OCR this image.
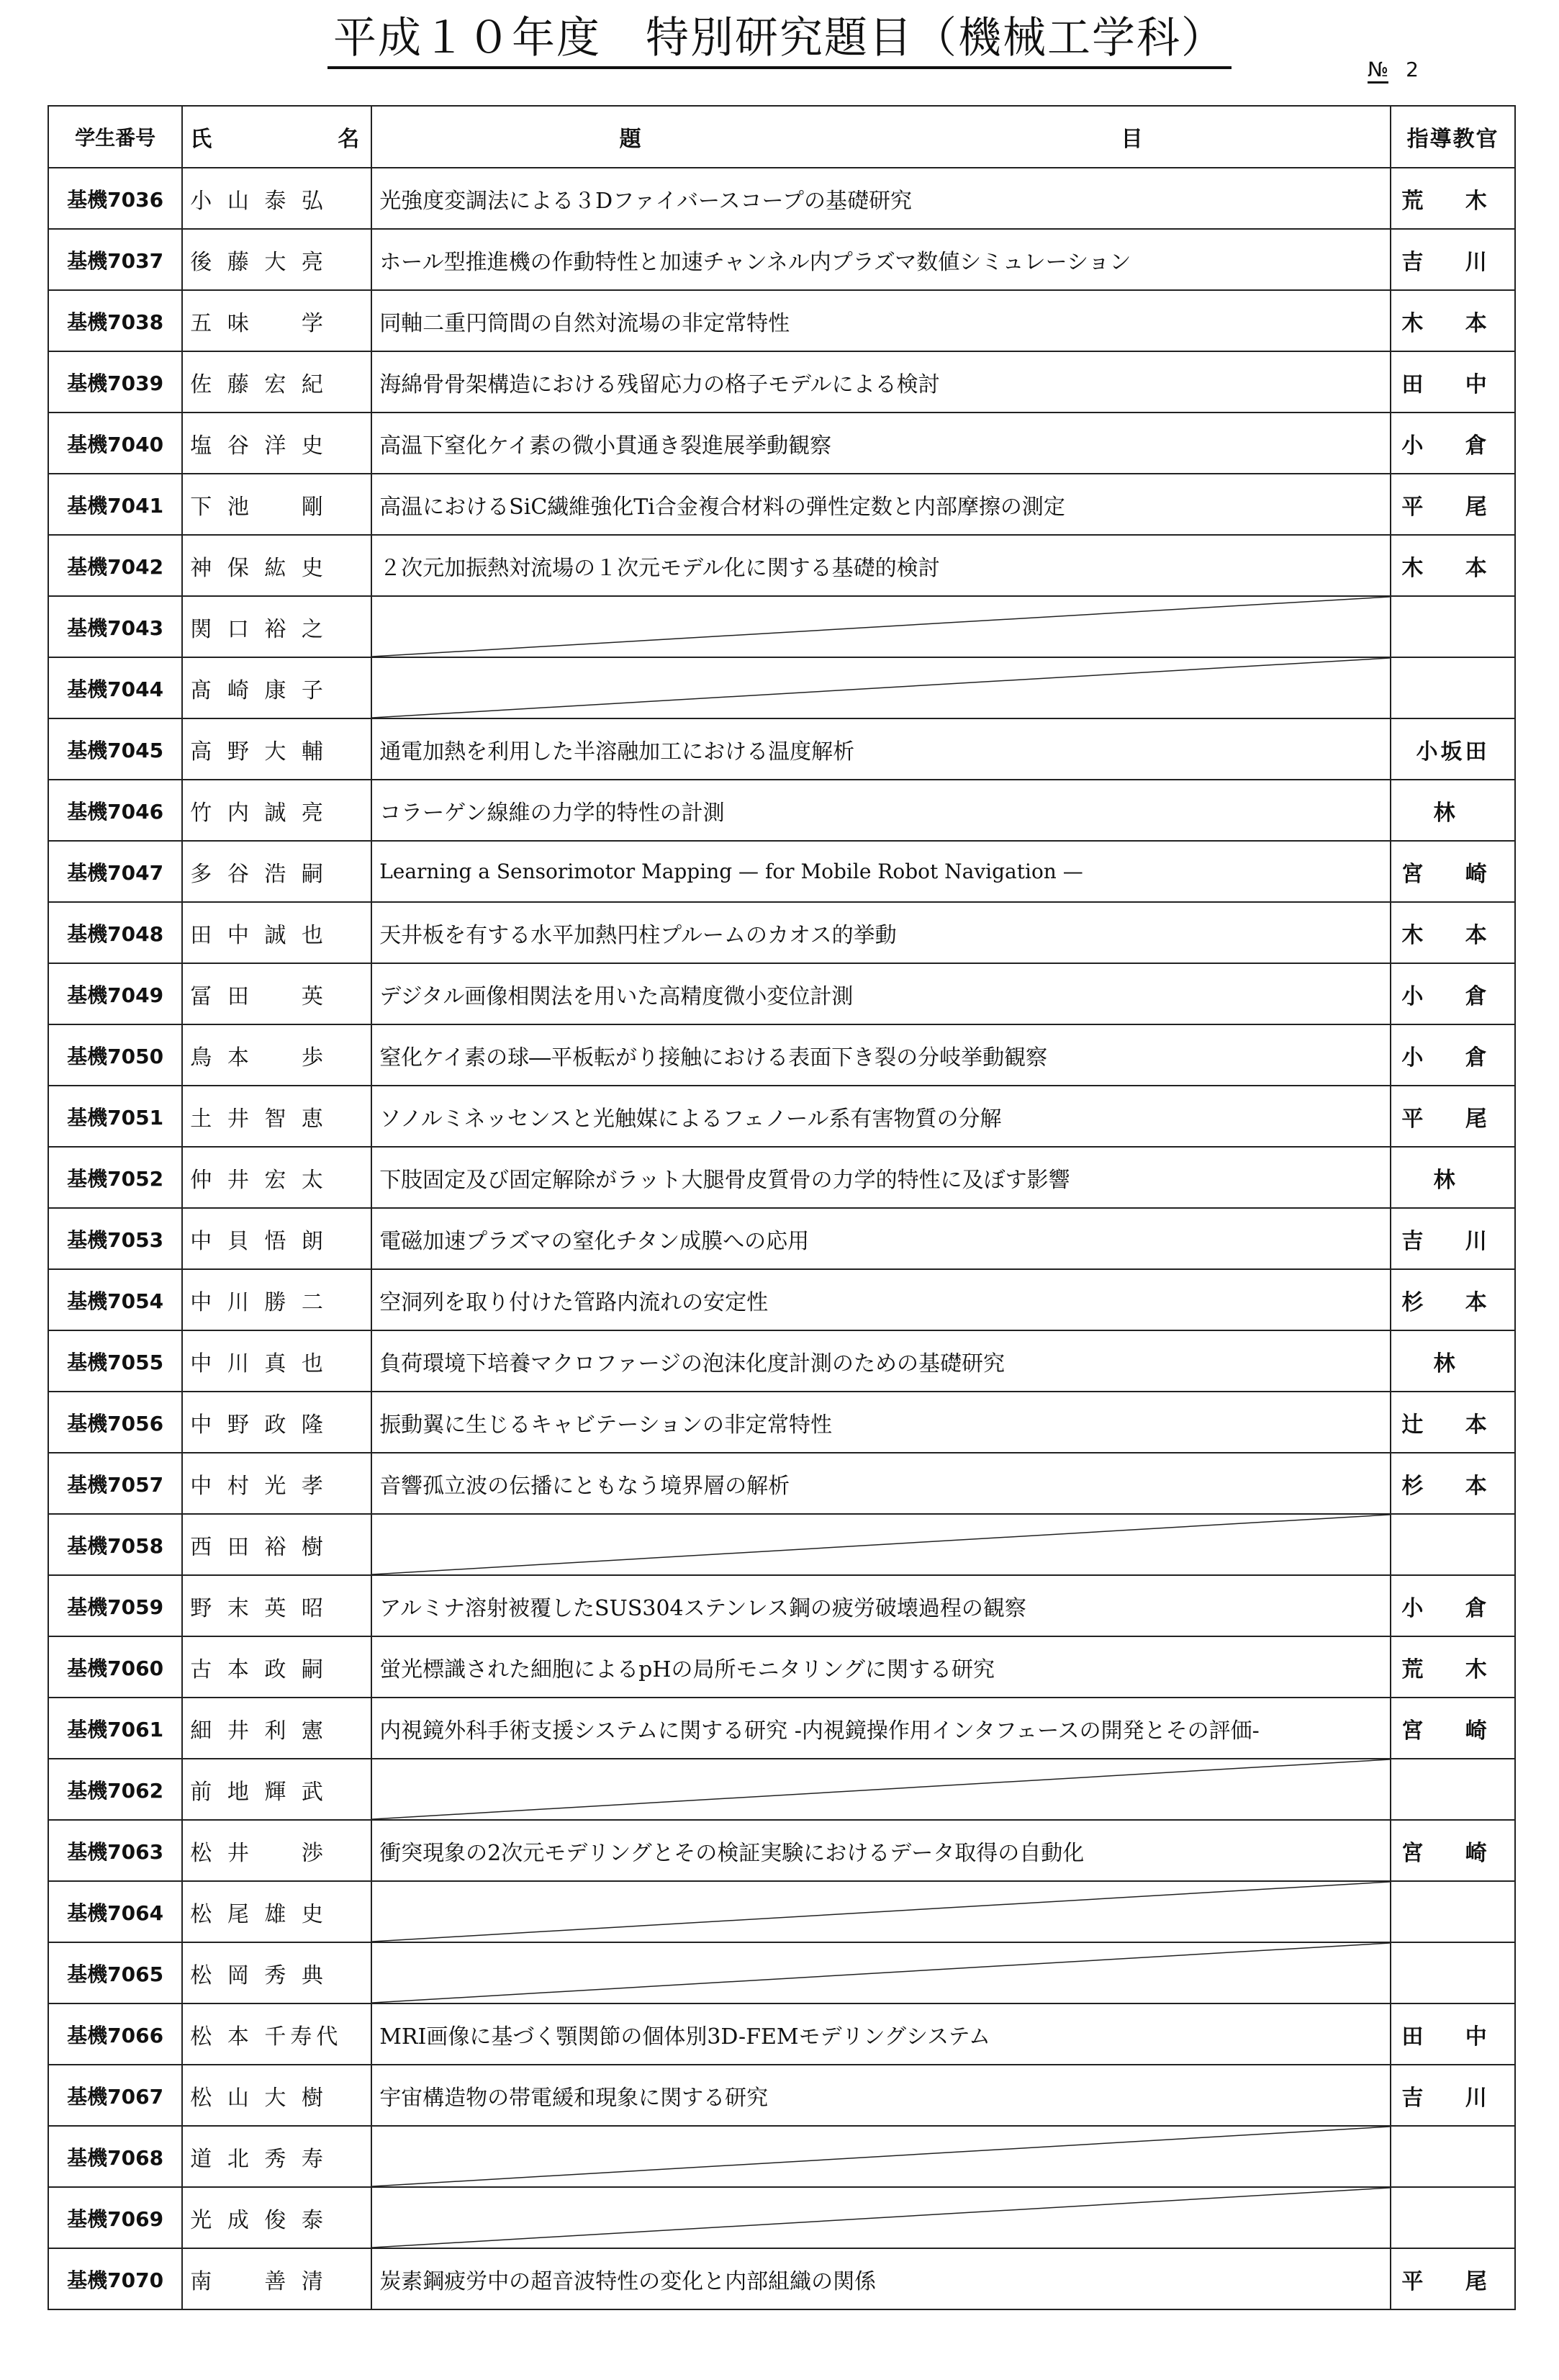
平成１０年度　特別研究題目（機械工学科）
№ 2
学生番号	氏 名	題 目	指導教官
基機7036	小 山 泰 弘	光強度変調法による３Dファイバースコープの基礎研究	荒 木
基機7037	後 藤 大 亮	ホール型推進機の作動特性と加速チャンネル内プラズマ数値シミュレーション	吉 川
基機7038	五 味 　 学	同軸二重円筒間の自然対流場の非定常特性	木 本
基機7039	佐 藤 宏 紀	海綿骨骨架構造における残留応力の格子モデルによる検討	田 中
基機7040	塩 谷 洋 史	高温下窒化ケイ素の微小貫通き裂進展挙動観察	小 倉
基機7041	下 池 　 剛	高温におけるSiC繊維強化Ti合金複合材料の弾性定数と内部摩擦の測定	平 尾
基機7042	神 保 紘 史	２次元加振熱対流場の１次元モデル化に関する基礎的検討	木 本
基機7043	関 口 裕 之	

基機7044	髙 崎 康 子	

基機7045	高 野 大 輔	通電加熱を利用した半溶融加工における温度解析	小坂田
基機7046	竹 内 誠 亮	コラーゲン線維の力学的特性の計測	林
基機7047	多 谷 浩 嗣	Learning a Sensorimotor Mapping — for Mobile Robot Navigation —	宮 崎
基機7048	田 中 誠 也	天井板を有する水平加熱円柱プルームのカオス的挙動	木 本
基機7049	冨 田 　 英	デジタル画像相関法を用いた高精度微小変位計測	小 倉
基機7050	鳥 本 　 歩	窒化ケイ素の球―平板転がり接触における表面下き裂の分岐挙動観察	小 倉
基機7051	土 井 智 恵	ソノルミネッセンスと光触媒によるフェノール系有害物質の分解	平 尾
基機7052	仲 井 宏 太	下肢固定及び固定解除がラット大腿骨皮質骨の力学的特性に及ぼす影響	林
基機7053	中 貝 悟 朗	電磁加速プラズマの窒化チタン成膜への応用	吉 川
基機7054	中 川 勝 二	空洞列を取り付けた管路内流れの安定性	杉 本
基機7055	中 川 真 也	負荷環境下培養マクロファージの泡沫化度計測のための基礎研究	林
基機7056	中 野 政 隆	振動翼に生じるキャビテーションの非定常特性	辻 本
基機7057	中 村 光 孝	音響孤立波の伝播にともなう境界層の解析	杉 本
基機7058	西 田 裕 樹	

基機7059	野 末 英 昭	アルミナ溶射被覆したSUS304ステンレス鋼の疲労破壊過程の観察	小 倉
基機7060	古 本 政 嗣	蛍光標識された細胞によるpHの局所モニタリングに関する研究	荒 木
基機7061	細 井 利 憲	内視鏡外科手術支援システムに関する研究 -内視鏡操作用インタフェースの開発とその評価-	宮 崎
基機7062	前 地 輝 武	

基機7063	松 井 　 渉	衝突現象の2次元モデリングとその検証実験におけるデータ取得の自動化	宮 崎
基機7064	松 尾 雄 史	

基機7065	松 岡 秀 典	

基機7066	松 本 千寿代	MRI画像に基づく顎関節の個体別3D-FEMモデリングシステム	田 中
基機7067	松 山 大 樹	宇宙構造物の帯電緩和現象に関する研究	吉 川
基機7068	道 北 秀 寿	

基機7069	光 成 俊 泰	

基機7070	南 　 善 清	炭素鋼疲労中の超音波特性の変化と内部組織の関係	平 尾
